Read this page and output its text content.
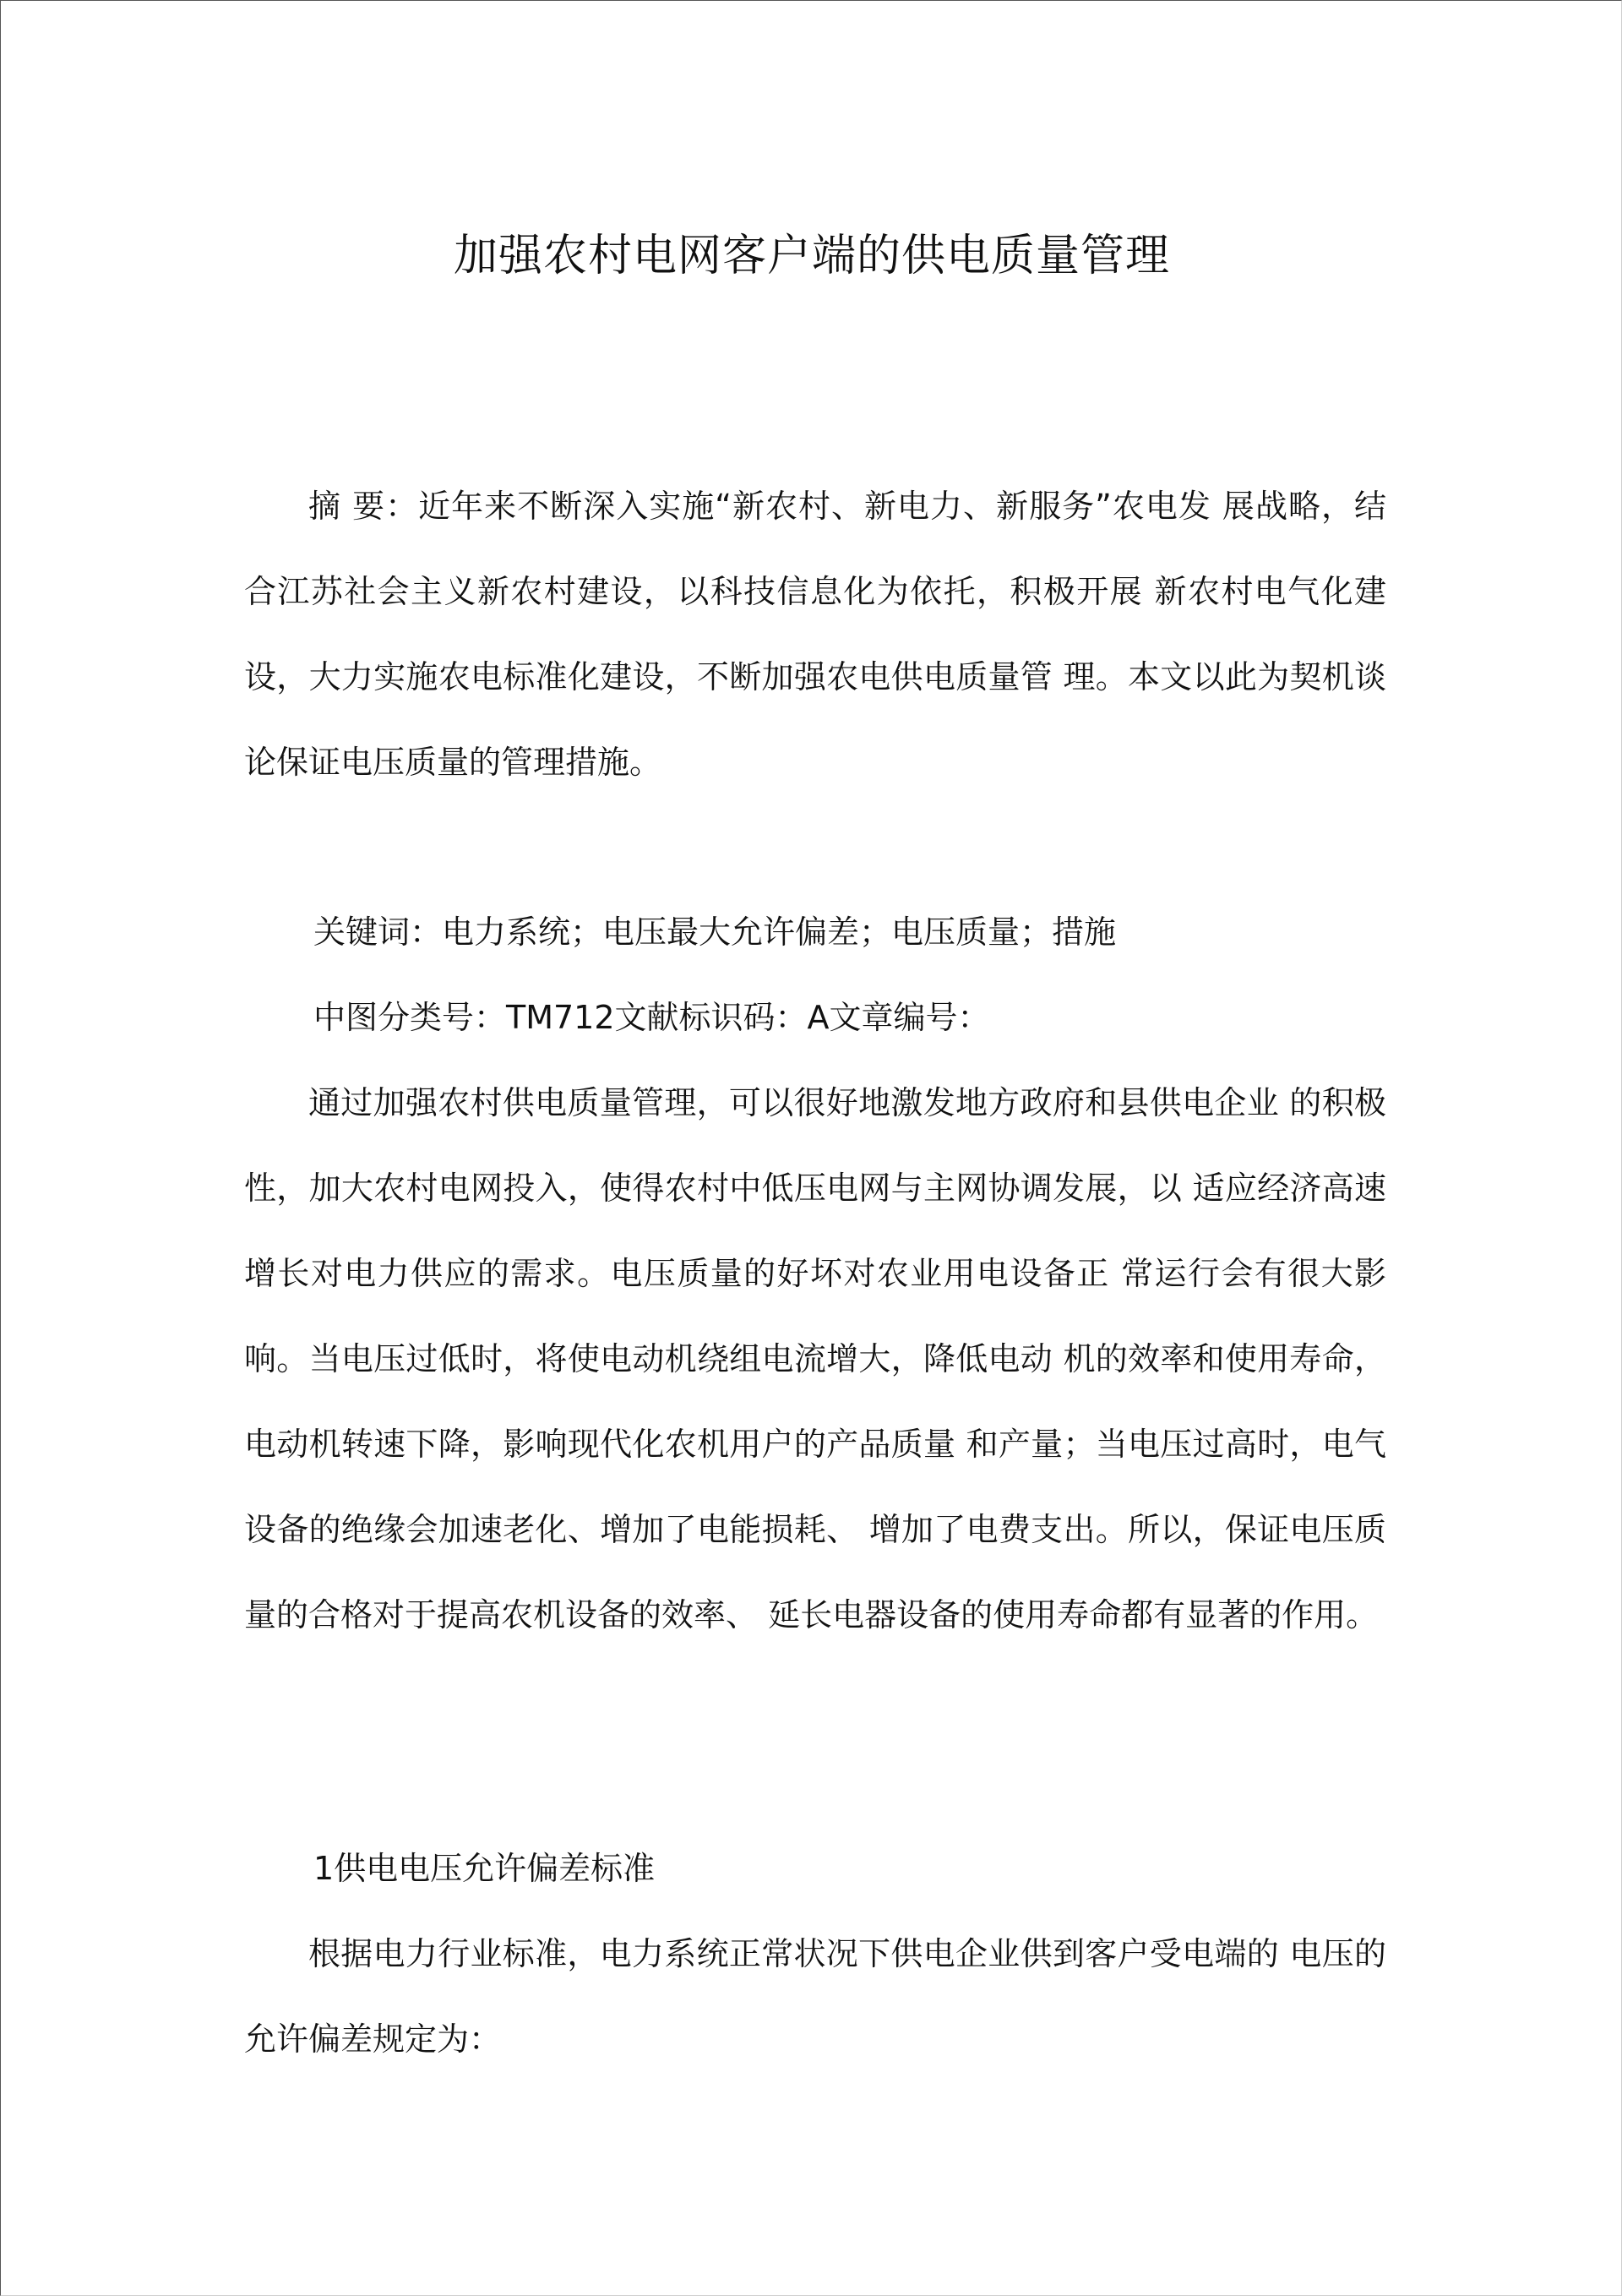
加强农村电网客户端的供电质量管理

摘 要：近年来不断深入实施“新农村、新电力、新服务”农电发 展战略，结合江苏社会主义新农村建设，以科技信息化为依托，积极开展 新农村电气化建设，大力实施农电标准化建设，不断加强农电供电质量管 理。本文以此为契机谈论保证电压质量的管理措施。

关键词：电力系统；电压最大允许偏差；电压质量；措施

中图分类号：TM712文献标识码：A文章编号：

通过加强农村供电质量管理，可以很好地激发地方政府和县供电企业 的积极性，加大农村电网投入，使得农村中低压电网与主网协调发展，以 适应经济高速增长对电力供应的需求。电压质量的好坏对农业用电设备正 常运行会有很大影响。当电压过低时，将使电动机绕组电流增大，降低电动 机的效率和使用寿命，电动机转速下降，影响现代化农机用户的产品质量 和产量；当电压过高时，电气设备的绝缘会加速老化、增加了电能损耗、 增加了电费支出。所以，保证电压质量的合格对于提高农机设备的效率、 延长电器设备的使用寿命都有显著的作用。

1供电电压允许偏差标准

根据电力行业标准，电力系统正常状况下供电企业供到客户受电端的 电压的允许偏差规定为：
